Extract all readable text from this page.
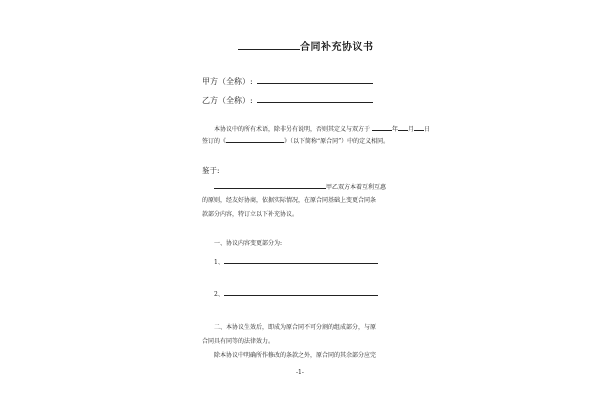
合同补充协议书
甲方（全称）:
乙方（全称）:
本协议中的所有术语，除非另有说明，否则其定义与双方于	年 月 日
签订的《	》（以下简称“原合同”）中的定义相同。
鉴于:
甲乙双方本着互利互惠
的原则，经友好协商，依据实际情况，在原合同基础上变更合同条
款部分内容，特订立以下补充协议。
一、协议内容变更部分为:
1、
2、
二、本协议生效后，即成为原合同不可分割的组成部分，与原
合同具有同等的法律效力。
除本协议中明确所作修改的条款之外，原合同的其余部分应完
-1-
